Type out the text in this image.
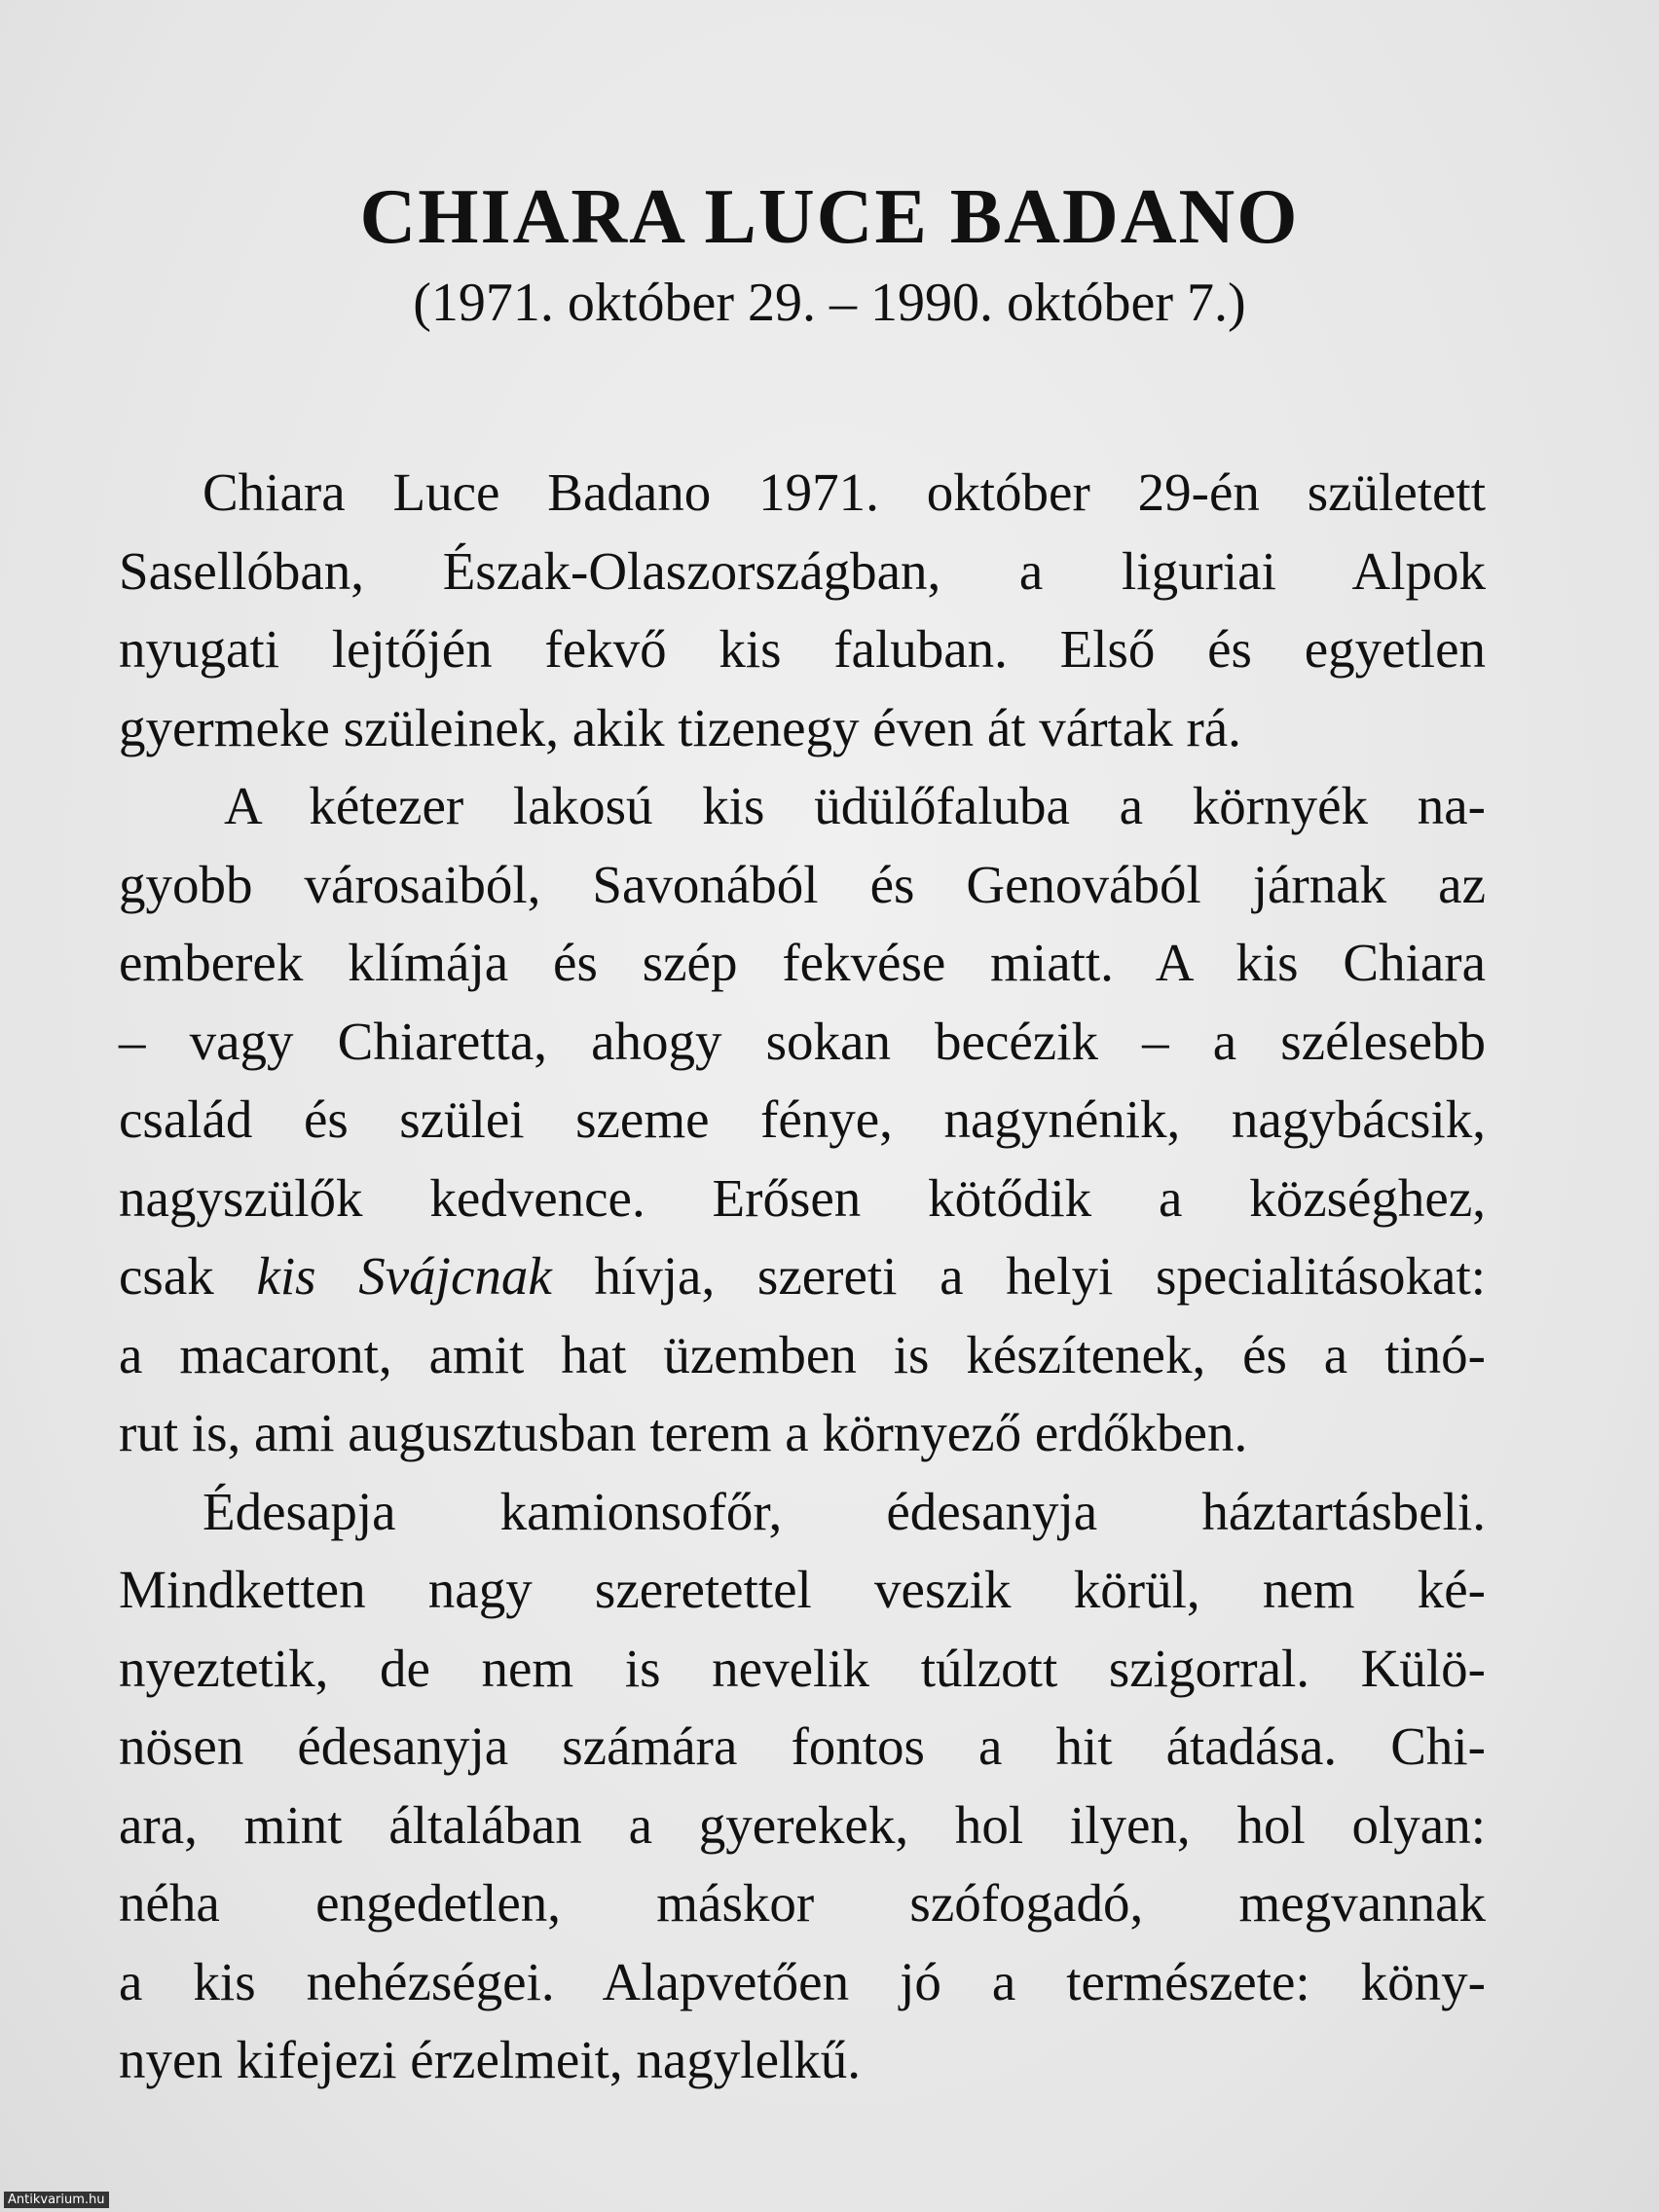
CHIARA LUCE BADANO

(1971. október 29. – 1990. október 7.)

Chiara Luce Badano 1971. október 29-én született
Sasellóban, Észak-Olaszországban, a liguriai Alpok
nyugati lejtőjén fekvő kis faluban. Első és egyetlen
gyermeke szüleinek, akik tizenegy éven át vártak rá.
A kétezer lakosú kis üdülőfaluba a környék na-
gyobb városaiból, Savonából és Genovából járnak az
emberek klímája és szép fekvése miatt. A kis Chiara
– vagy Chiaretta, ahogy sokan becézik – a szélesebb
család és szülei szeme fénye, nagynénik, nagybácsik,
nagyszülők kedvence. Erősen kötődik a községhez,
csak kis Svájcnak hívja, szereti a helyi specialitásokat:
a macaront, amit hat üzemben is készítenek, és a tinó-
rut is, ami augusztusban terem a környező erdőkben.
Édesapja kamionsofőr, édesanyja háztartásbeli.
Mindketten nagy szeretettel veszik körül, nem ké-
nyeztetik, de nem is nevelik túlzott szigorral. Külö-
nösen édesanyja számára fontos a hit átadása. Chi-
ara, mint általában a gyerekek, hol ilyen, hol olyan:
néha engedetlen, máskor szófogadó, megvannak
a kis nehézségei. Alapvetően jó a természete: köny-
nyen kifejezi érzelmeit, nagylelkű.
Antikvarium.hu
